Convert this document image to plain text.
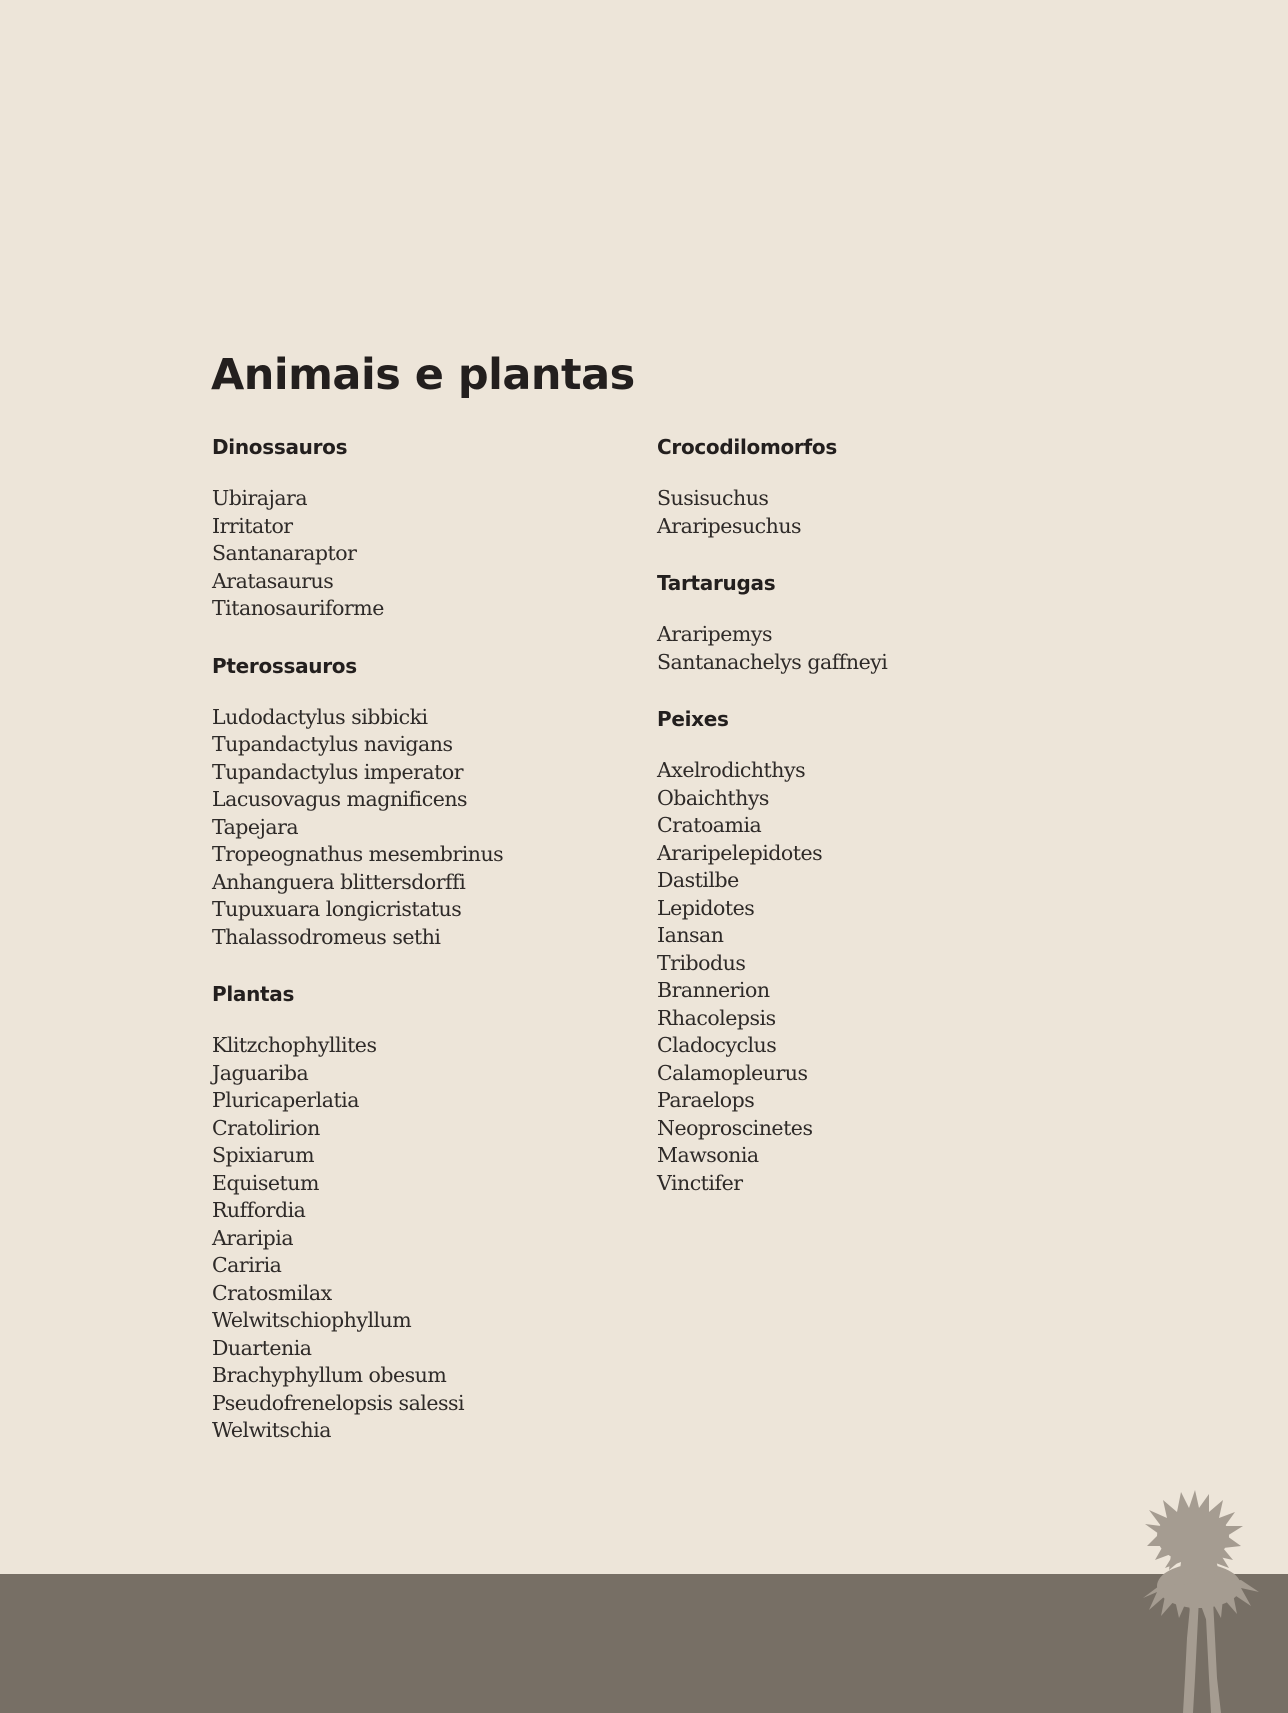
Animais e plantas
Dinossauros
Ubirajara
Irritator
Santanaraptor
Aratasaurus
Titanosauriforme
Pterossauros
Ludodactylus sibbicki
Tupandactylus navigans
Tupandactylus imperator
Lacusovagus magnificens
Tapejara
Tropeognathus mesembrinus
Anhanguera blittersdorffi
Tupuxuara longicristatus
Thalassodromeus sethi
Plantas
Klitzchophyllites
Jaguariba
Pluricaperlatia
Cratolirion
Spixiarum
Equisetum
Ruffordia
Araripia
Cariria
Cratosmilax
Welwitschiophyllum
Duartenia
Brachyphyllum obesum
Pseudofrenelopsis salessi
Welwitschia
Crocodilomorfos
Susisuchus
Araripesuchus
Tartarugas
Araripemys
Santanachelys gaffneyi
Peixes
Axelrodichthys
Obaichthys
Cratoamia
Araripelepidotes
Dastilbe
Lepidotes
Iansan
Tribodus
Brannerion
Rhacolepsis
Cladocyclus
Calamopleurus
Paraelops
Neoproscinetes
Mawsonia
Vinctifer
